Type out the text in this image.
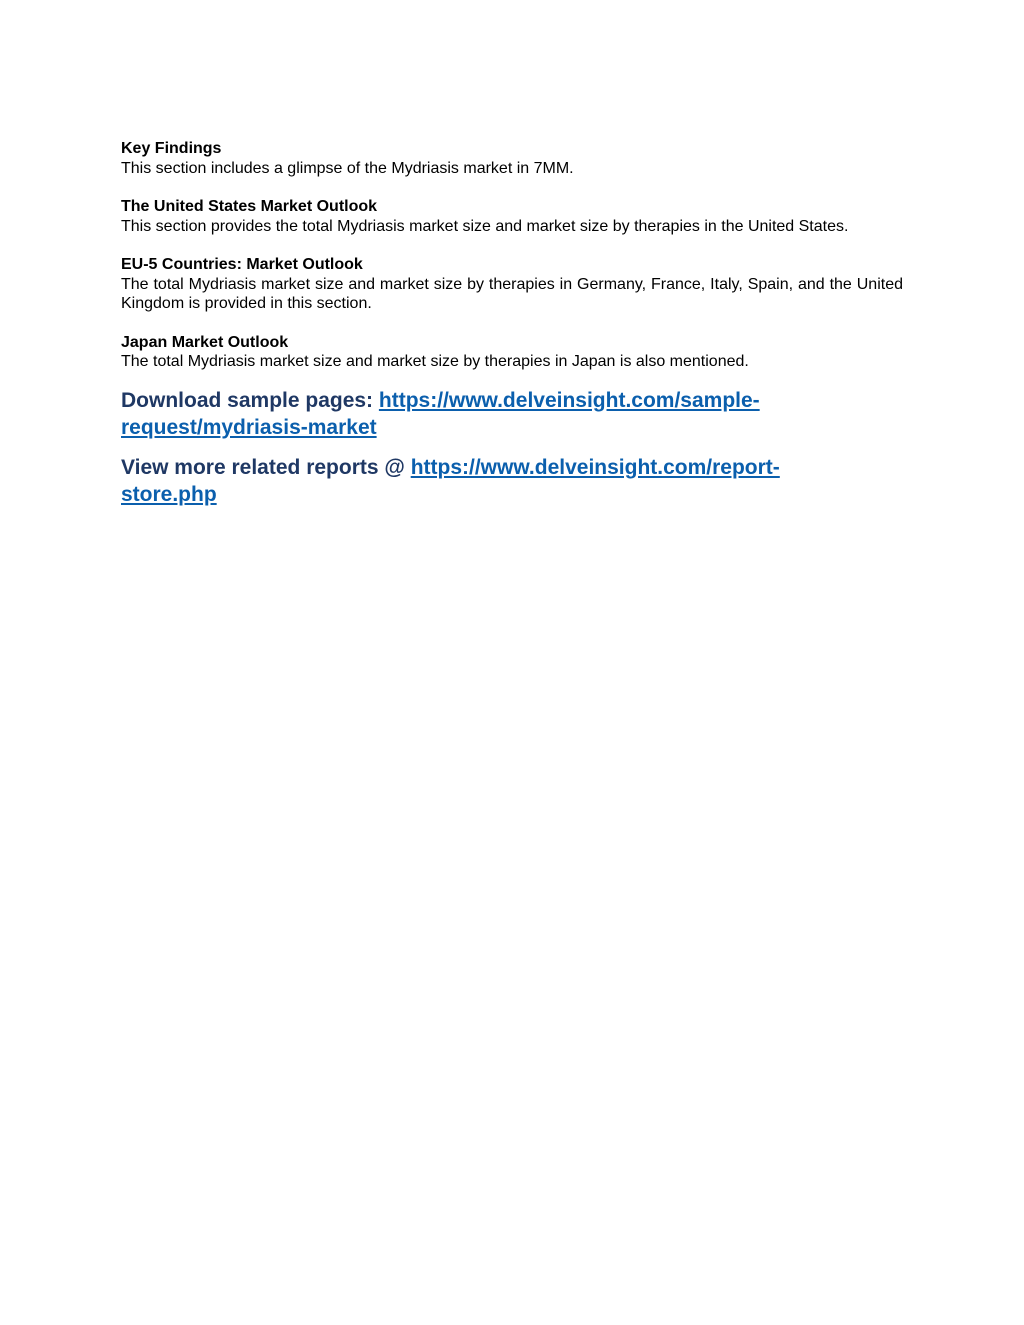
Key Findings

This section includes a glimpse of the Mydriasis market in 7MM.

The United States Market Outlook

This section provides the total Mydriasis market size and market size by therapies in the United States.

EU-5 Countries: Market Outlook

The total Mydriasis market size and market size by therapies in Germany, France, Italy, Spain, and the United Kingdom is provided in this section.

Japan Market Outlook

The total Mydriasis market size and market size by therapies in Japan is also mentioned.

Download sample pages: https://www.delveinsight.com/sample-
request/mydriasis-market

View more related reports @ https://www.delveinsight.com/report-
store.php
